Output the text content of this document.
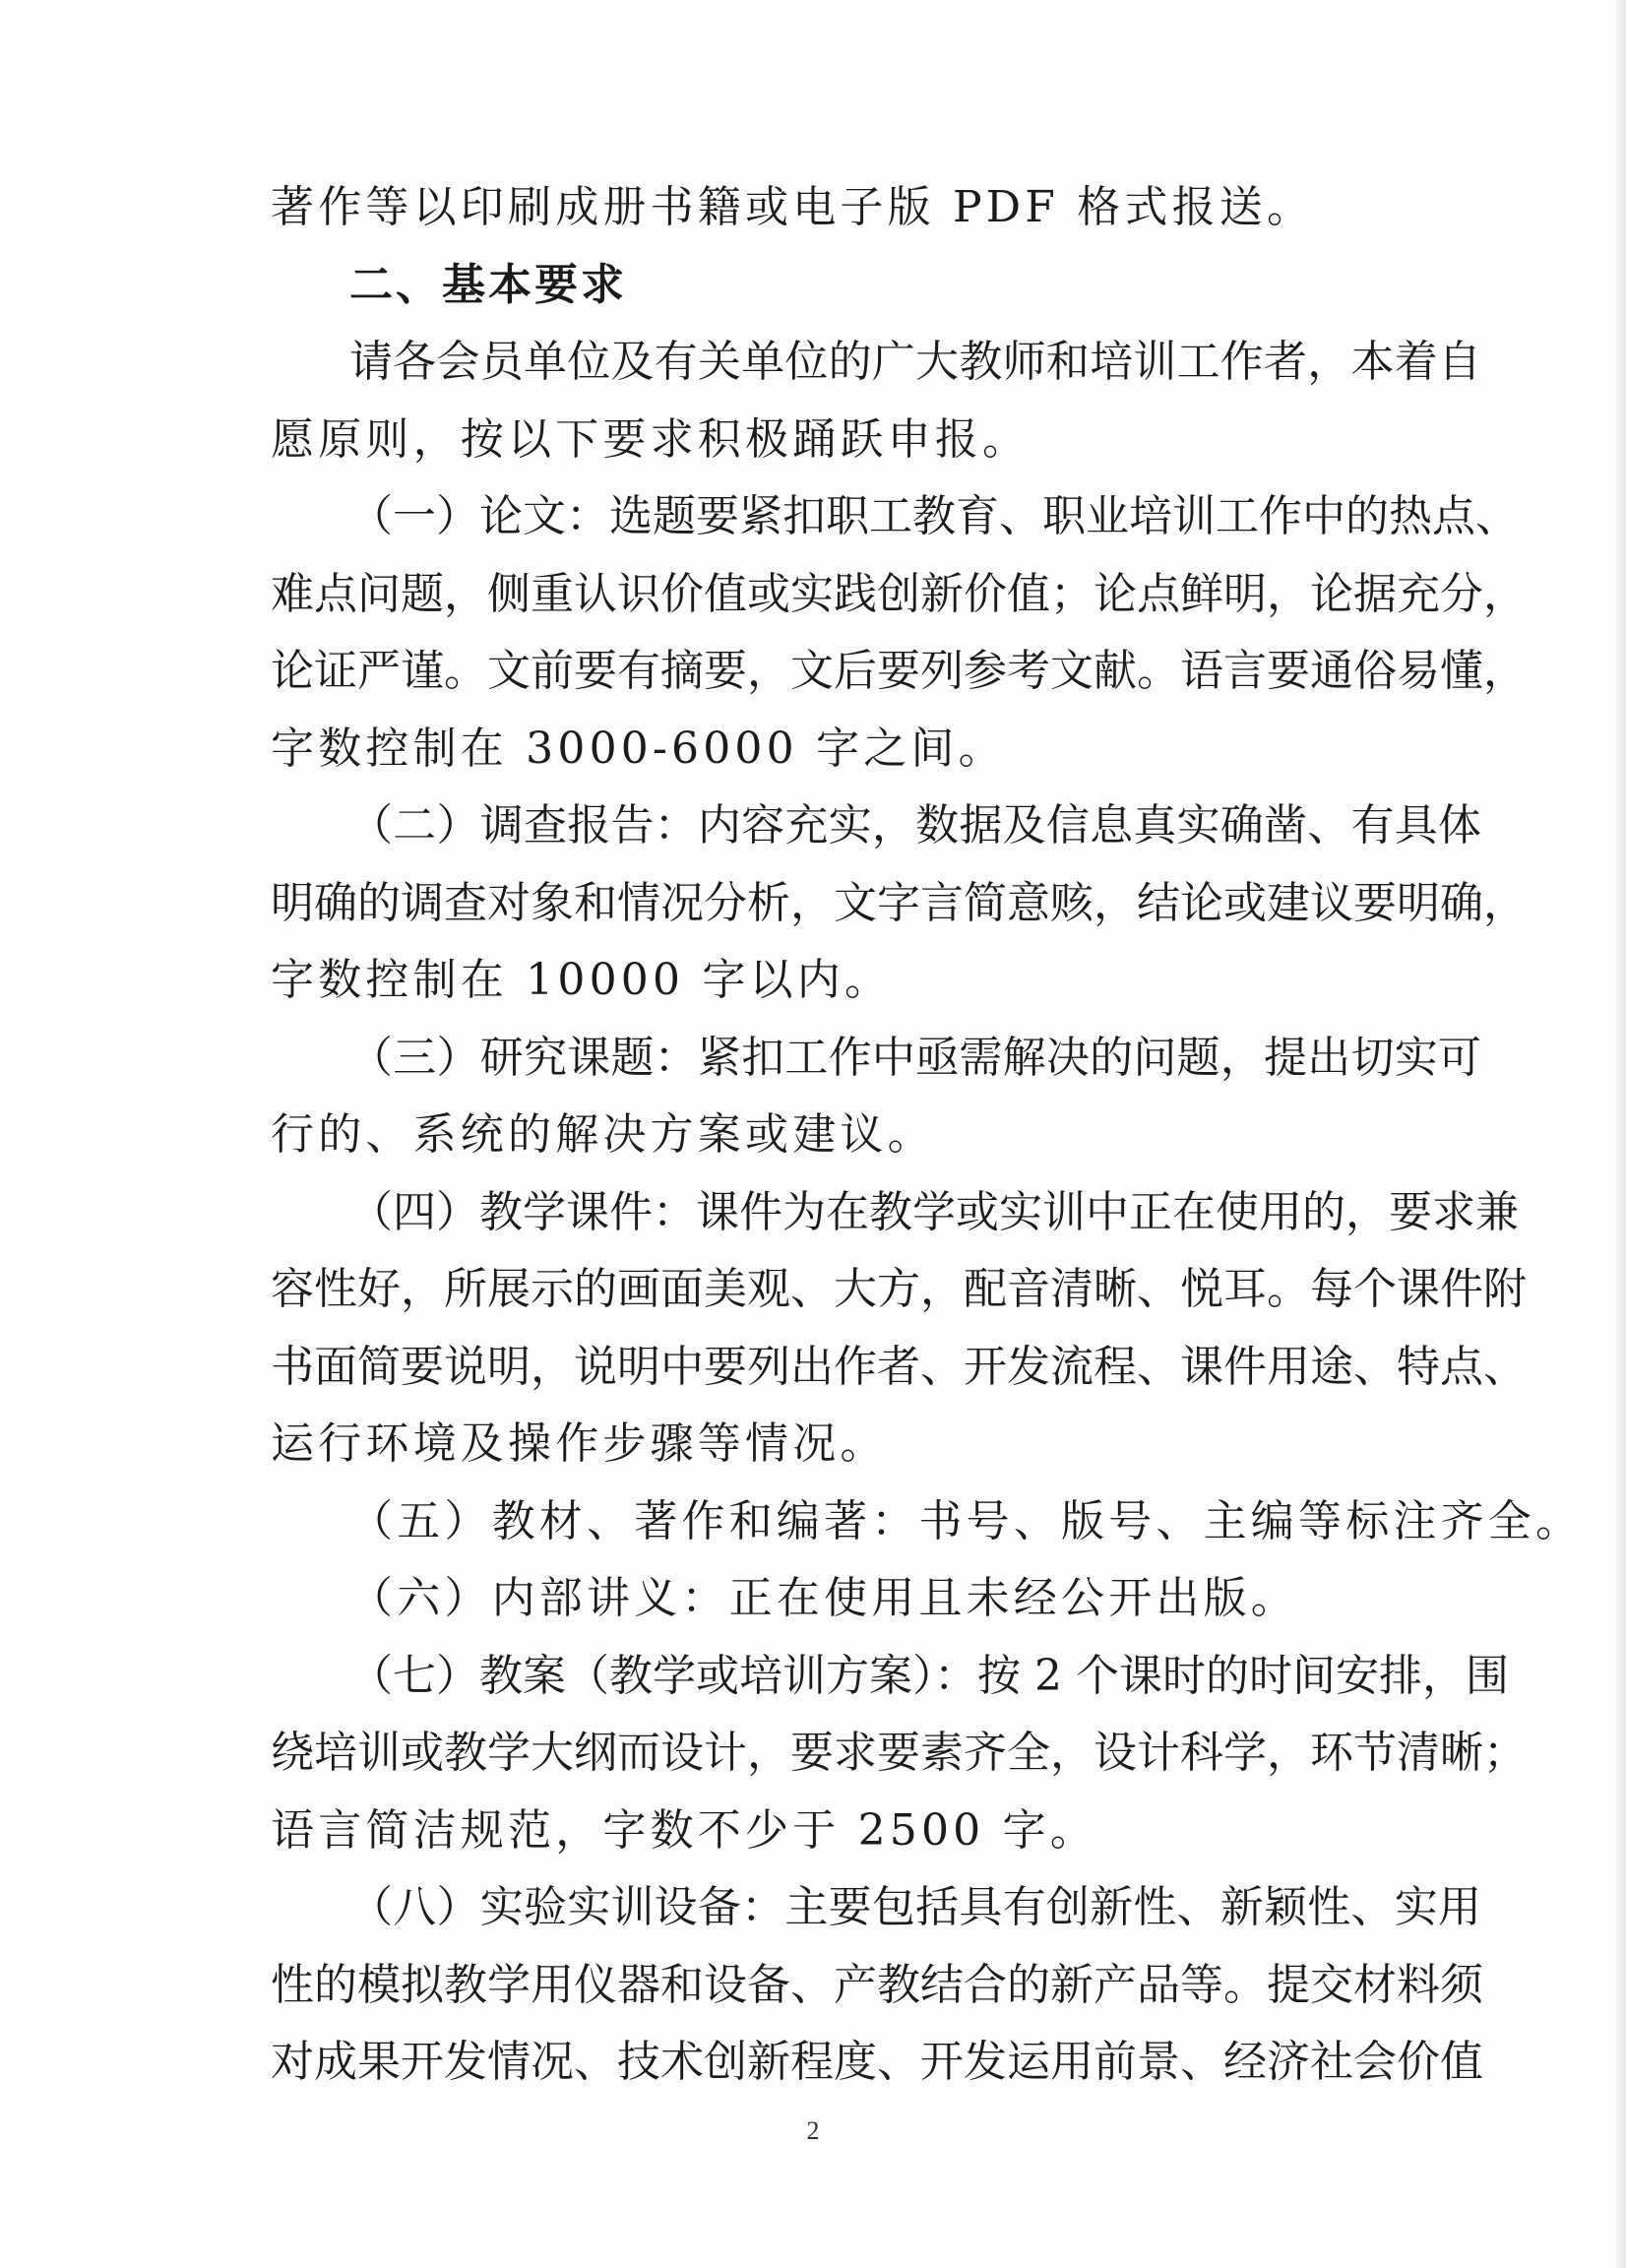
著作等以印刷成册书籍或电子版 PDF 格式报送。
二、基本要求
请各会员单位及有关单位的广大教师和培训工作者，本着自
愿原则，按以下要求积极踊跃申报。
（一）论文：选题要紧扣职工教育、职业培训工作中的热点、
难点问题，侧重认识价值或实践创新价值；论点鲜明，论据充分，
论证严谨。文前要有摘要，文后要列参考文献。语言要通俗易懂，
字数控制在 3000-6000 字之间。
（二）调查报告：内容充实，数据及信息真实确凿、有具体
明确的调查对象和情况分析，文字言简意赅，结论或建议要明确，
字数控制在 10000 字以内。
（三）研究课题：紧扣工作中亟需解决的问题，提出切实可
行的、系统的解决方案或建议。
（四）教学课件：课件为在教学或实训中正在使用的，要求兼
容性好，所展示的画面美观、大方，配音清晰、悦耳。每个课件附
书面简要说明，说明中要列出作者、开发流程、课件用途、特点、
运行环境及操作步骤等情况。
（五）教材、著作和编著：书号、版号、主编等标注齐全。
（六）内部讲义：正在使用且未经公开出版。
（七）教案（教学或培训方案）：按 2 个课时的时间安排，围
绕培训或教学大纲而设计，要求要素齐全，设计科学，环节清晰；
语言简洁规范，字数不少于 2500 字。
（八）实验实训设备：主要包括具有创新性、新颖性、实用
性的模拟教学用仪器和设备、产教结合的新产品等。提交材料须
对成果开发情况、技术创新程度、开发运用前景、经济社会价值
2
